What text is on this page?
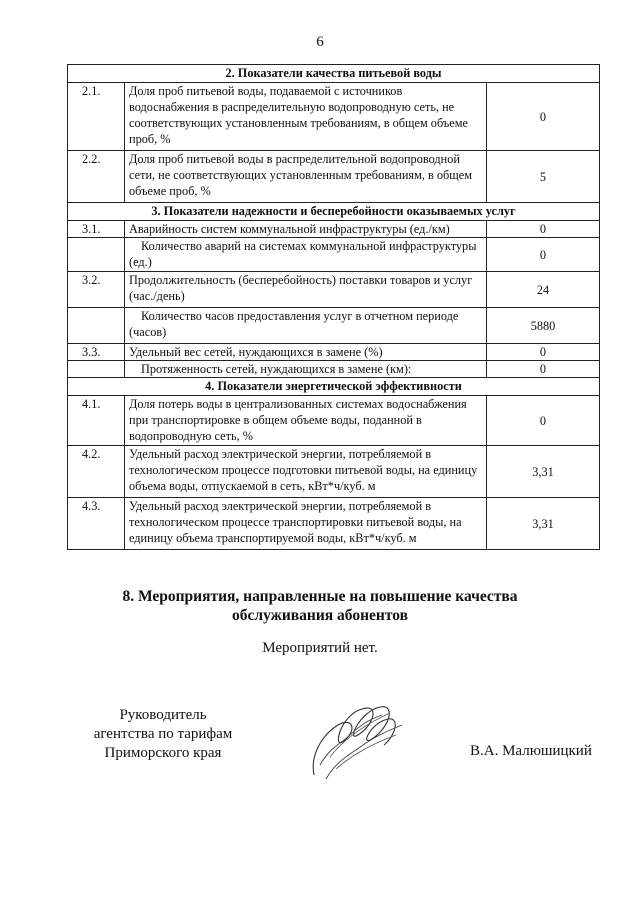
6
2. Показатели качества питьевой воды		
2.1.	Доля проб питьевой воды, подаваемой с источников водоснабжения в распределительную водопроводную сеть, не соответствующих установленным требованиям, в общем объеме проб, %	0
2.2.	Доля проб питьевой воды в распределительной водопроводной сети, не соответствующих установленным требованиям, в общем объеме проб, %	5
3. Показатели надежности и бесперебойности оказываемых услуг		
3.1.	Аварийность систем коммунальной инфраструктуры (ед./км)	0
	Количество аварий на системах коммунальной инфраструктуры (ед.)	0
3.2.	Продолжительность (бесперебойность) поставки товаров и услуг (час./день)	24
	Количество часов предоставления услуг в отчетном периоде (часов)	5880
3.3.	Удельный вес сетей, нуждающихся в замене (%)	0
	Протяженность сетей, нуждающихся в замене (км):	0
4. Показатели энергетической эффективности		
4.1.	Доля потерь воды в централизованных системах водоснабжения при транспортировке в общем объеме воды, поданной в водопроводную сеть, %	0
4.2.	Удельный расход электрической энергии, потребляемой в технологическом процессе подготовки питьевой воды, на единицу объема воды, отпускаемой в сеть, кВт*ч/куб. м	3,31
4.3.	Удельный расход электрической энергии, потребляемой в технологическом процессе транспортировки питьевой воды, на единицу объема транспортируемой воды, кВт*ч/куб. м	3,31
8. Мероприятия, направленные на повышение качества
обслуживания абонентов
Мероприятий нет.
Руководитель
агентства по тарифам
Приморского края	В.А. Малюшицкий
